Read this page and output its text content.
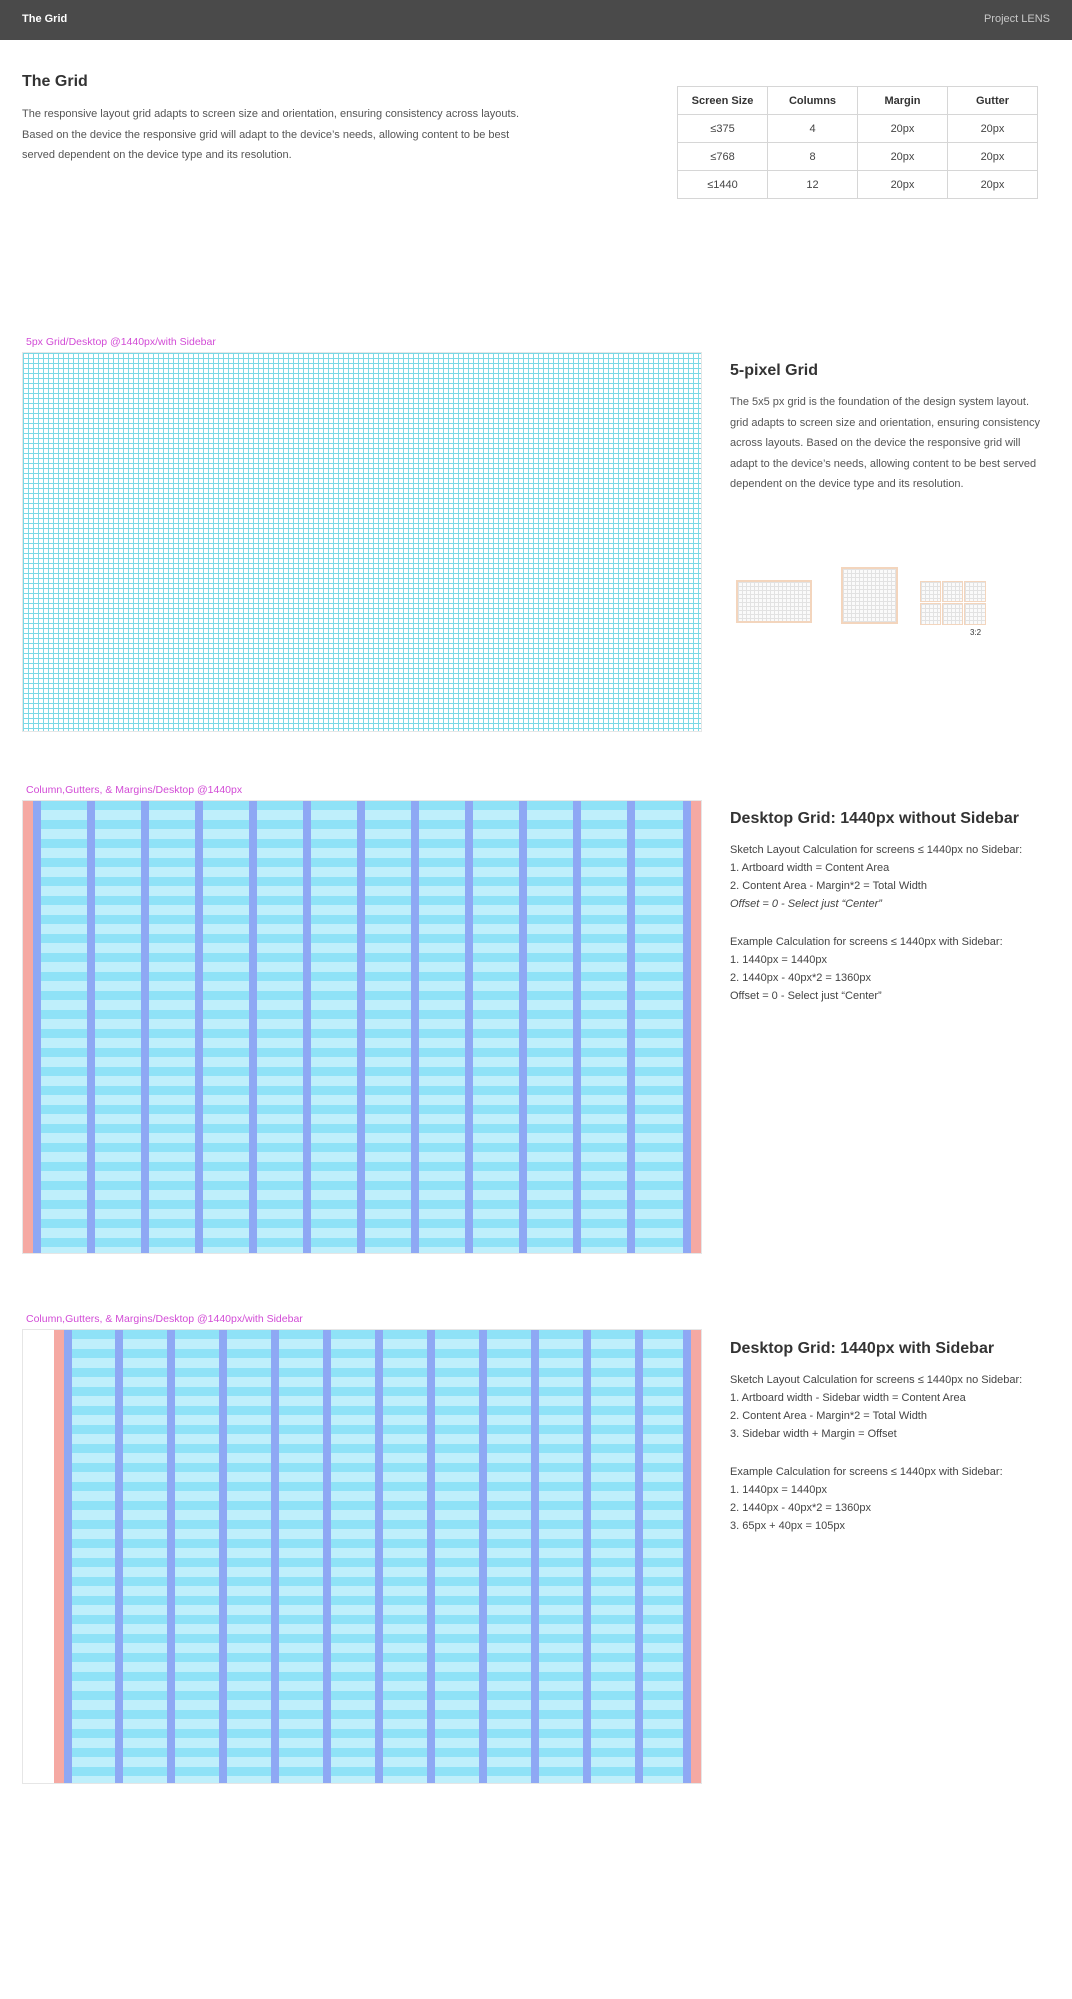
The Grid	Project LENS
The Grid
The responsive layout grid adapts to screen size and orientation, ensuring consistency across layouts. Based on the device the responsive grid will adapt to the device’s needs, allowing content to be best served dependent on the device type and its resolution.
Screen Size	Columns	Margin	Gutter
≤375	4	20px	20px
≤768	8	20px	20px
≤1440	12	20px	20px
5px Grid/Desktop @1440px/with Sidebar
5-pixel Grid
The 5x5 px grid is the foundation of the design system layout. grid adapts to screen size and orientation, ensuring consistency across layouts. Based on the device the responsive grid will adapt to the device’s needs, allowing content to be best served dependent on the device type and its resolution.
3:2
Column,Gutters, & Margins/Desktop @1440px
Desktop Grid: 1440px without Sidebar
Sketch Layout Calculation for screens ≤ 1440px no Sidebar:
1. Artboard width = Content Area
2. Content Area - Margin*2 = Total Width
Offset = 0 - Select just “Center”
Example Calculation for screens ≤ 1440px with Sidebar:
1. 1440px = 1440px
2. 1440px - 40px*2 = 1360px
Offset = 0 - Select just “Center”
Column,Gutters, & Margins/Desktop @1440px/with Sidebar
Desktop Grid: 1440px with Sidebar
Sketch Layout Calculation for screens ≤ 1440px no Sidebar:
1. Artboard width - Sidebar width = Content Area
2. Content Area - Margin*2 = Total Width
3. Sidebar width + Margin = Offset
Example Calculation for screens ≤ 1440px with Sidebar:
1. 1440px = 1440px
2. 1440px - 40px*2 = 1360px
3. 65px + 40px = 105px
